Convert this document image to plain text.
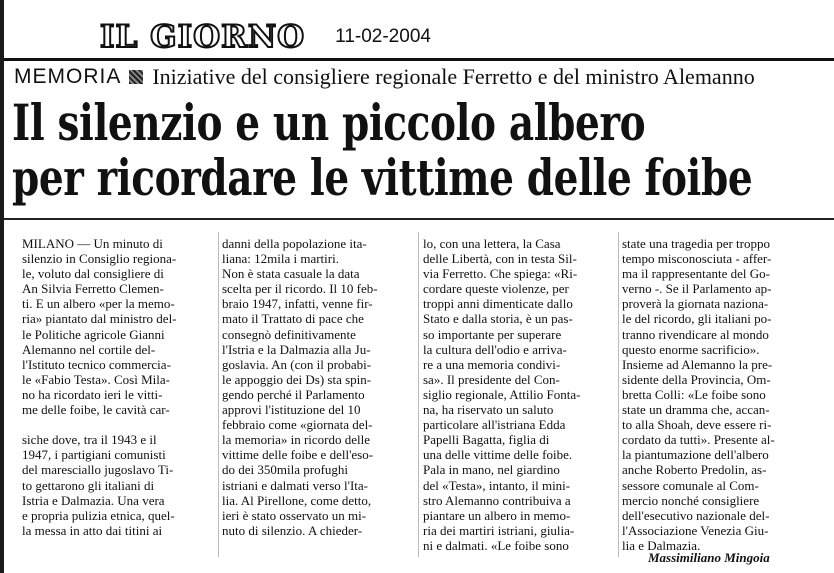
IL GIORNO 11-02-2004
MEMORIA Iniziative del consigliere regionale Ferretto e del ministro Alemanno
Il silenzio e un piccolo albero
per ricordare le vittime delle foibe
MILANO — Un minuto di
silenzio in Consiglio regiona-
le, voluto dal consigliere di
An Silvia Ferretto Clemen-
ti. E un albero «per la memo-
ria» piantato dal ministro del-
le Politiche agricole Gianni
Alemanno nel cortile del-
l'Istituto tecnico commercia-
le «Fabio Testa». Così Mila-
no ha ricordato ieri le vitti-
me delle foibe, le cavità car-
siche dove, tra il 1943 e il
1947, i partigiani comunisti
del maresciallo jugoslavo Ti-
to gettarono gli italiani di
Istria e Dalmazia. Una vera
e propria pulizia etnica, quel-
la messa in atto dai titini ai
danni della popolazione ita-
liana: 12mila i martiri.
Non è stata casuale la data
scelta per il ricordo. Il 10 feb-
braio 1947, infatti, venne fir-
mato il Trattato di pace che
consegnò definitivamente
l'Istria e la Dalmazia alla Ju-
goslavia. An (con il probabi-
le appoggio dei Ds) sta spin-
gendo perché il Parlamento
approvi l'istituzione del 10
febbraio come «giornata del-
la memoria» in ricordo delle
vittime delle foibe e dell'eso-
do dei 350mila profughi
istriani e dalmati verso l'Ita-
lia. Al Pirellone, come detto,
ieri è stato osservato un mi-
nuto di silenzio. A chieder-
lo, con una lettera, la Casa
delle Libertà, con in testa Sil-
via Ferretto. Che spiega: «Ri-
cordare queste violenze, per
troppi anni dimenticate dallo
Stato e dalla storia, è un pas-
so importante per superare
la cultura dell'odio e arriva-
re a una memoria condivi-
sa». Il presidente del Con-
siglio regionale, Attilio Fonta-
na, ha riservato un saluto
particolare all'istriana Edda
Papelli Bagatta, figlia di
una delle vittime delle foibe.
Pala in mano, nel giardino
del «Testa», intanto, il mini-
stro Alemanno contribuiva a
piantare un albero in memo-
ria dei martiri istriani, giulia-
ni e dalmati. «Le foibe sono
state una tragedia per troppo
tempo misconosciuta - affer-
ma il rappresentante del Go-
verno -. Se il Parlamento ap-
proverà la giornata naziona-
le del ricordo, gli italiani po-
tranno rivendicare al mondo
questo enorme sacrificio».
Insieme ad Alemanno la pre-
sidente della Provincia, Om-
bretta Colli: «Le foibe sono
state un dramma che, accan-
to alla Shoah, deve essere ri-
cordato da tutti». Presente al-
la piantumazione dell'albero
anche Roberto Predolin, as-
sessore comunale al Com-
mercio nonché consigliere
dell'esecutivo nazionale del-
l'Associazione Venezia Giu-
lia e Dalmazia.
Massimiliano Mingoia
